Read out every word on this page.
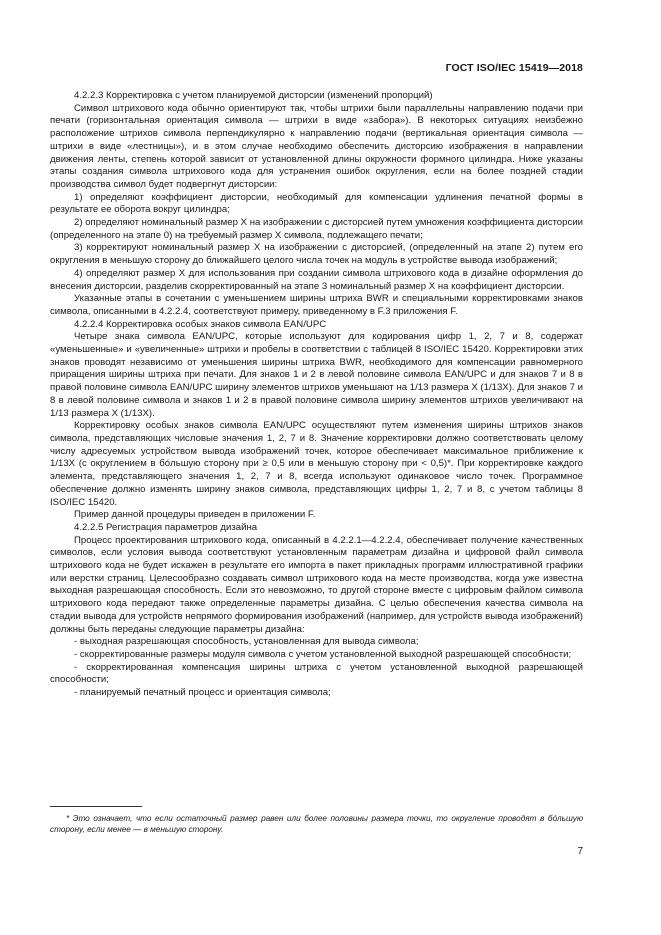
ГОСТ ISO/IEC 15419—2018

4.2.2.3 Корректировка с учетом планируемой дисторсии (изменений пропорций)

Символ штрихового кода обычно ориентируют так, чтобы штрихи были параллельны направлению подачи при печати (горизонтальная ориентация символа — штрихи в виде «забора»). В некоторых ситуациях неизбежно расположение штрихов символа перпендикулярно к направлению подачи (вертикальная ориентация символа — штрихи в виде «лестницы»), и в этом случае необходимо обеспечить дисторсию изображения в направлении движения ленты, степень которой зависит от установленной длины окружности формного цилиндра. Ниже указаны этапы создания символа штрихового кода для устранения ошибок округления, если на более поздней стадии производства символ будет подвергнут дисторсии:

1) определяют коэффициент дисторсии, необходимый для компенсации удлинения печатной формы в результате ее оборота вокруг цилиндра;

2) определяют номинальный размер X на изображении с дисторсией путем умножения коэффициента дисторсии (определенного на этапе 0) на требуемый размер X символа, подлежащего печати;

3) корректируют номинальный размер X на изображении с дисторсией, (определенный на этапе 2) путем его округления в меньшую сторону до ближайшего целого числа точек на модуль в устройстве вывода изображений;

4) определяют размер X для использования при создании символа штрихового кода в дизайне оформления до внесения дисторсии, разделив скорректированный на этапе 3 номинальный размер X на коэффициент дисторсии.

Указанные этапы в сочетании с уменьшением ширины штриха BWR и специальными корректировками знаков символа, описанными в 4.2.2.4, соответствуют примеру, приведенному в F.3 приложения F.

4.2.2.4 Корректировка особых знаков символа EAN/UPC

Четыре знака символа EAN/UPC, которые используют для кодирования цифр 1, 2, 7 и 8, содержат «уменьшенные» и «увеличенные» штрихи и пробелы в соответствии с таблицей 8 ISO/IEC 15420. Корректировки этих знаков проводят независимо от уменьшения ширины штриха BWR, необходимого для компенсации равномерного приращения ширины штриха при печати. Для знаков 1 и 2 в левой половине символа EAN/UPC и для знаков 7 и 8 в правой половине символа EAN/UPC ширину элементов штрихов уменьшают на 1/13 размера X (1/13X). Для знаков 7 и 8 в левой половине символа и знаков 1 и 2 в правой половине символа ширину элементов штрихов увеличивают на 1/13 размера X (1/13X).

Корректировку особых знаков символа EAN/UPC осуществляют путем изменения ширины штрихов знаков символа, представляющих числовые значения 1, 2, 7 и 8. Значение корректировки должно соответствовать целому числу адресуемых устройством вывода изображений точек, которое обеспечивает максимальное приближение к 1/13X (с округлением в бóльшую сторону при ≥ 0,5 или в меньшую сторону при < 0,5)*. При корректировке каждого элемента, представляющего значения 1, 2, 7 и 8, всегда используют одинаковое число точек. Программное обеспечение должно изменять ширину знаков символа, представляющих цифры 1, 2, 7 и 8, с учетом таблицы 8 ISO/IEC 15420.

Пример данной процедуры приведен в приложении F.

4.2.2.5 Регистрация параметров дизайна

Процесс проектирования штрихового кода, описанный в 4.2.2.1—4.2.2.4, обеспечивает получение качественных символов, если условия вывода соответствуют установленным параметрам дизайна и цифровой файл символа штрихового кода не будет искажен в результате его импорта в пакет прикладных программ иллюстративной графики или верстки страниц. Целесообразно создавать символ штрихового кода на месте производства, когда уже известна выходная разрешающая способность. Если это невозможно, то другой стороне вместе с цифровым файлом символа штрихового кода передают также определенные параметры дизайна. С целью обеспечения качества символа на стадии вывода для устройств непрямого формирования изображений (например, для устройств вывода изображений) должны быть переданы следующие параметры дизайна:

- выходная разрешающая способность, установленная для вывода символа;

- скорректированные размеры модуля символа с учетом установленной выходной разрешающей способности;

- скорректированная компенсация ширины штриха с учетом установленной выходной разрешающей способности;

- планируемый печатный процесс и ориентация символа;

* Это означает, что если остаточный размер равен или более половины размера точки, то округление проводят в бóльшую сторону, если менее — в меньшую сторону.

7
